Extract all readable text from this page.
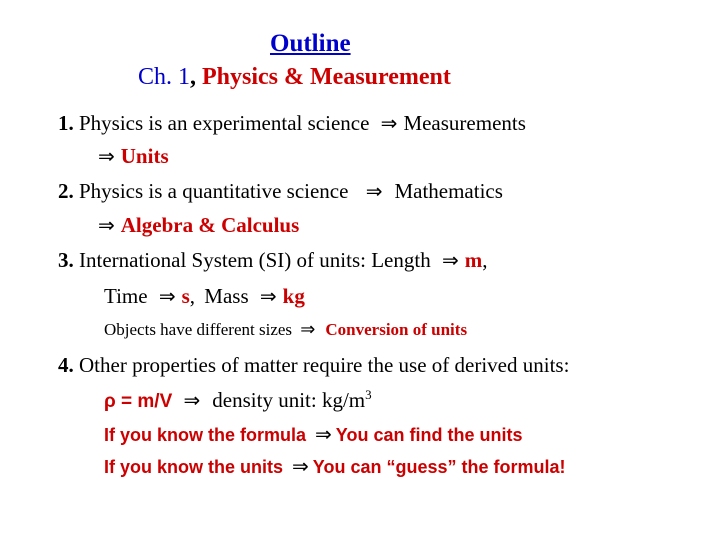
Outline
Ch. 1, Physics & Measurement
1. Physics is an experimental science ⇒ Measurements
⇒ Units
2. Physics is a quantitative science ⇒ Mathematics
⇒ Algebra & Calculus
3. International System (SI) of units: Length ⇒ m,
Time ⇒ s, Mass ⇒ kg
Objects have different sizes ⇒ Conversion of units
4. Other properties of matter require the use of derived units:
ρ = m/V ⇒ density unit: $kg/m^3$
If you know the formula ⇒ You can find the units
If you know the units ⇒ You can “guess” the formula!
